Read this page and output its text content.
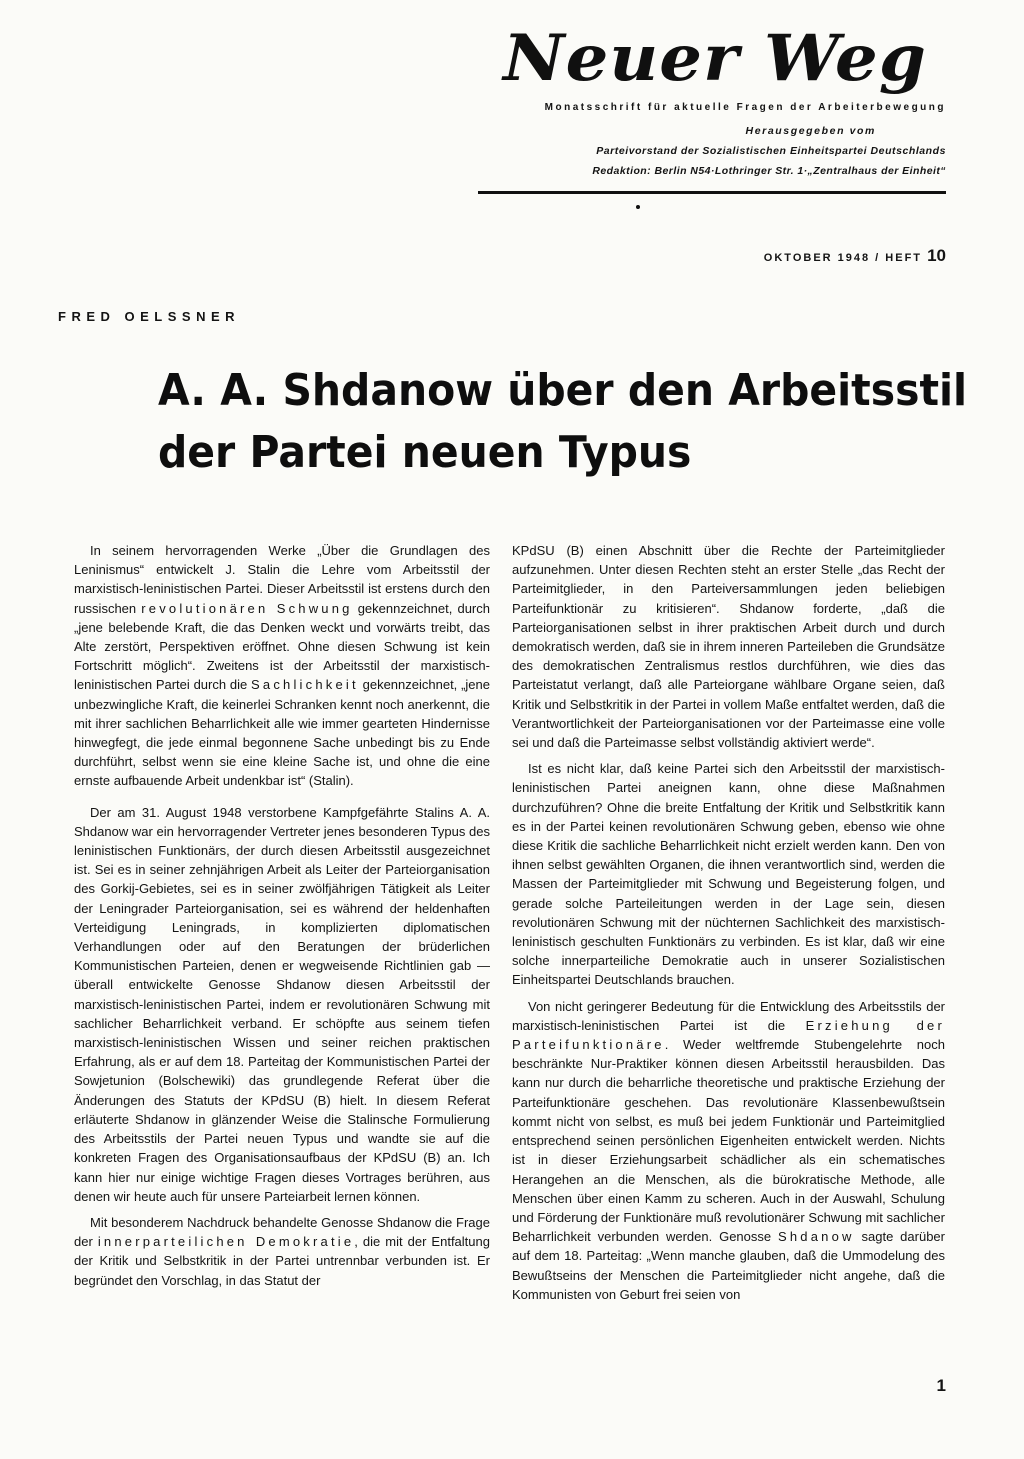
Neuer Weg
Monatsschrift für aktuelle Fragen der Arbeiterbewegung
Herausgegeben vom
Parteivorstand der Sozialistischen Einheitspartei Deutschlands
Redaktion: Berlin N54·Lothringer Str. 1·„Zentralhaus der Einheit“
OKTOBER 1948 / HEFT 10
FRED OELSSNER
A. A. Shdanow über den Arbeitsstil
der Partei neuen Typus

In seinem hervorragenden Werke „Über die Grundlagen des Leninismus“ entwickelt J. Stalin die Lehre vom Arbeitsstil der marxistisch-leninistischen Partei. Dieser Arbeitsstil ist erstens durch den russischen revolutionären Schwung gekennzeichnet, durch „jene belebende Kraft, die das Denken weckt und vorwärts treibt, das Alte zerstört, Perspektiven eröffnet. Ohne diesen Schwung ist kein Fortschritt möglich“. Zweitens ist der Arbeitsstil der marxistisch-leninistischen Partei durch die Sachlichkeit gekennzeichnet, „jene unbezwingliche Kraft, die keinerlei Schranken kennt noch anerkennt, die mit ihrer sachlichen Beharrlichkeit alle wie immer gearteten Hindernisse hinwegfegt, die jede einmal begonnene Sache unbedingt bis zu Ende durchführt, selbst wenn sie eine kleine Sache ist, und ohne die eine ernste aufbauende Arbeit undenkbar ist“ (Stalin).

Der am 31. August 1948 verstorbene Kampfgefährte Stalins A. A. Shdanow war ein hervorragender Vertreter jenes besonderen Typus des leninistischen Funktionärs, der durch diesen Arbeitsstil ausgezeichnet ist. Sei es in seiner zehnjährigen Arbeit als Leiter der Parteiorganisation des Gorkij-Gebietes, sei es in seiner zwölfjährigen Tätigkeit als Leiter der Leningrader Parteiorganisation, sei es während der heldenhaften Verteidigung Leningrads, in komplizierten diplomatischen Verhandlungen oder auf den Beratungen der brüderlichen Kommunistischen Parteien, denen er wegweisende Richtlinien gab — überall entwickelte Genosse Shdanow diesen Arbeitsstil der marxistisch-leninistischen Partei, indem er revolutionären Schwung mit sachlicher Beharrlichkeit verband. Er schöpfte aus seinem tiefen marxistisch-leninistischen Wissen und seiner reichen praktischen Erfahrung, als er auf dem 18. Parteitag der Kommunistischen Partei der Sowjetunion (Bolschewiki) das grundlegende Referat über die Änderungen des Statuts der KPdSU (B) hielt. In diesem Referat erläuterte Shdanow in glänzender Weise die Stalinsche Formulierung des Arbeitsstils der Partei neuen Typus und wandte sie auf die konkreten Fragen des Organisationsaufbaus der KPdSU (B) an. Ich kann hier nur einige wichtige Fragen dieses Vortrages berühren, aus denen wir heute auch für unsere Parteiarbeit lernen können.

Mit besonderem Nachdruck behandelte Genosse Shdanow die Frage der innerparteilichen Demokratie, die mit der Entfaltung der Kritik und Selbstkritik in der Partei untrennbar verbunden ist. Er begründet den Vorschlag, in das Statut der

KPdSU (B) einen Abschnitt über die Rechte der Parteimitglieder aufzunehmen. Unter diesen Rechten steht an erster Stelle „das Recht der Parteimitglieder, in den Parteiversammlungen jeden beliebigen Parteifunktionär zu kritisieren“. Shdanow forderte, „daß die Parteiorganisationen selbst in ihrer praktischen Arbeit durch und durch demokratisch werden, daß sie in ihrem inneren Parteileben die Grundsätze des demokratischen Zentralismus restlos durchführen, wie dies das Parteistatut verlangt, daß alle Parteiorgane wählbare Organe seien, daß Kritik und Selbstkritik in der Partei in vollem Maße entfaltet werden, daß die Verantwortlichkeit der Parteiorganisationen vor der Parteimasse eine volle sei und daß die Parteimasse selbst vollständig aktiviert werde“.

Ist es nicht klar, daß keine Partei sich den Arbeitsstil der marxistisch-leninistischen Partei aneignen kann, ohne diese Maßnahmen durchzuführen? Ohne die breite Entfaltung der Kritik und Selbstkritik kann es in der Partei keinen revolutionären Schwung geben, ebenso wie ohne diese Kritik die sachliche Beharrlichkeit nicht erzielt werden kann. Den von ihnen selbst gewählten Organen, die ihnen verantwortlich sind, werden die Massen der Parteimitglieder mit Schwung und Begeisterung folgen, und gerade solche Parteileitungen werden in der Lage sein, diesen revolutionären Schwung mit der nüchternen Sachlichkeit des marxistisch-leninistisch geschulten Funktionärs zu verbinden. Es ist klar, daß wir eine solche innerparteiliche Demokratie auch in unserer Sozialistischen Einheitspartei Deutschlands brauchen.

Von nicht geringerer Bedeutung für die Entwicklung des Arbeitsstils der marxistisch-leninistischen Partei ist die Erziehung der Parteifunktionäre. Weder weltfremde Stubengelehrte noch beschränkte Nur-Praktiker können diesen Arbeitsstil herausbilden. Das kann nur durch die beharrliche theoretische und praktische Erziehung der Parteifunktionäre geschehen. Das revolutionäre Klassenbewußtsein kommt nicht von selbst, es muß bei jedem Funktionär und Parteimitglied entsprechend seinen persönlichen Eigenheiten entwickelt werden. Nichts ist in dieser Erziehungsarbeit schädlicher als ein schematisches Herangehen an die Menschen, als die bürokratische Methode, alle Menschen über einen Kamm zu scheren. Auch in der Auswahl, Schulung und Förderung der Funktionäre muß revolutionärer Schwung mit sachlicher Beharrlichkeit verbunden werden. Genosse Shdanow sagte darüber auf dem 18. Parteitag: „Wenn manche glauben, daß die Ummodelung des Bewußtseins der Menschen die Parteimitglieder nicht angehe, daß die Kommunisten von Geburt frei seien von

1
